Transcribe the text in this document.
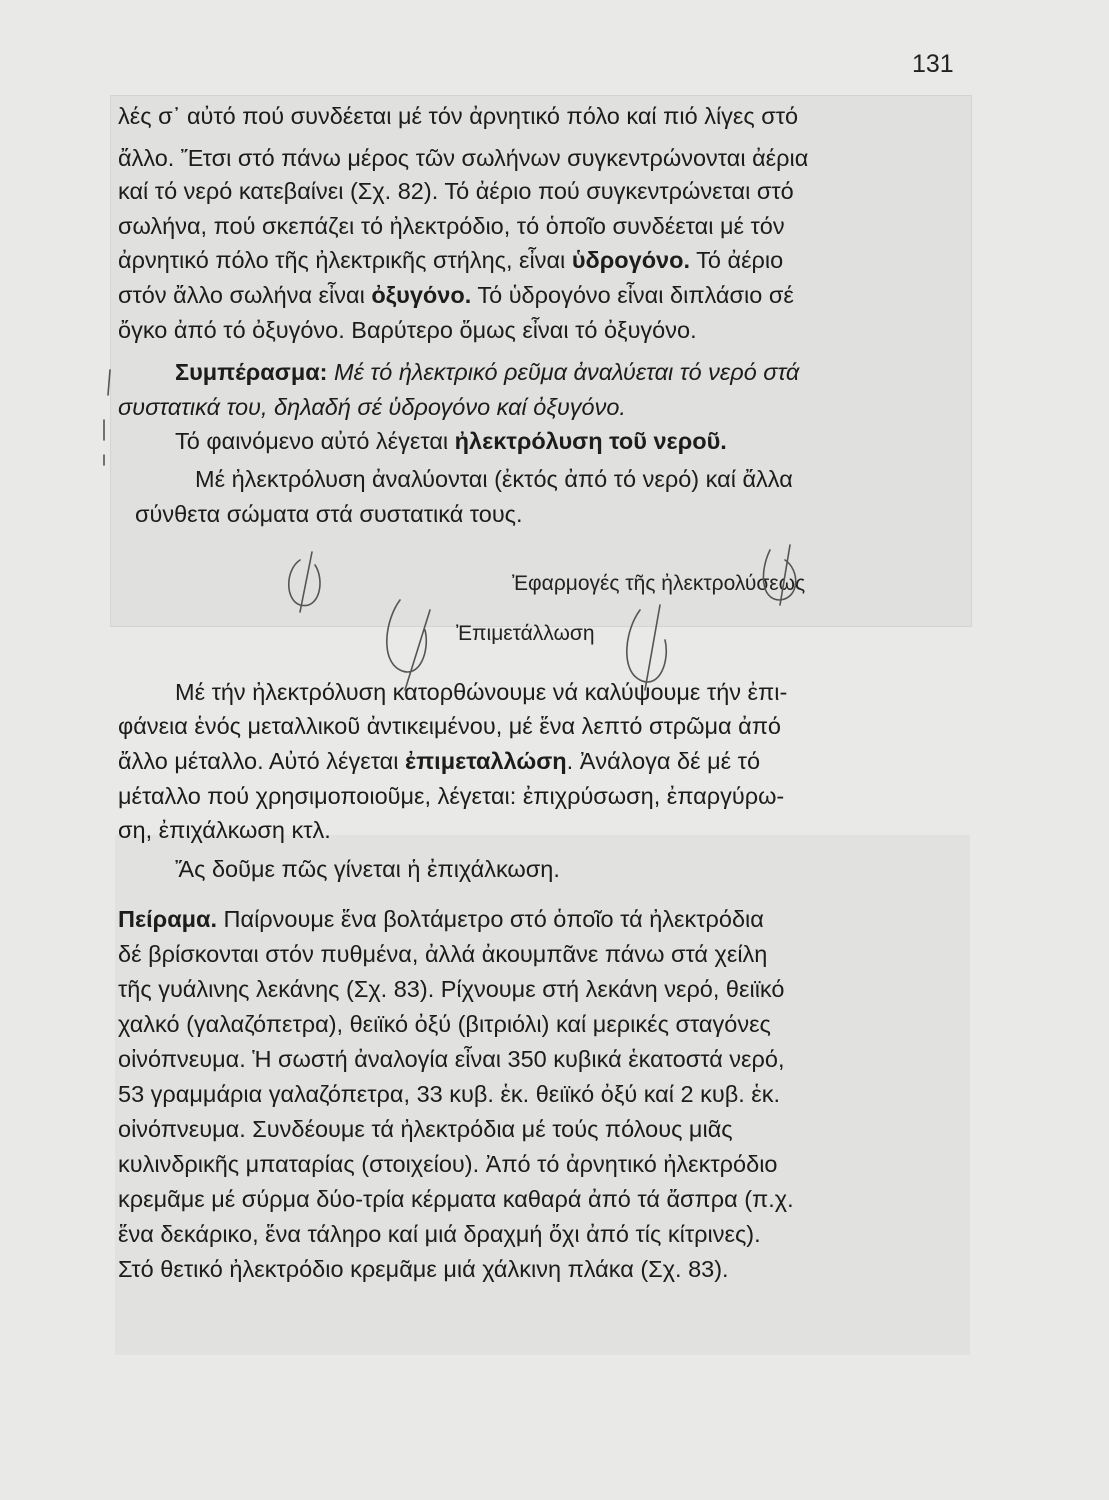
131

λές σ᾽ αὐτό πού συνδέεται μέ τόν ἀρνητικό πόλο καί πιό λίγες στό

ἄλλο. Ἔτσι στό πάνω μέρος τῶν σωλήνων συγκεντρώνονται ἀέρια

καί τό νερό κατεβαίνει (Σχ. 82). Τό ἀέριο πού συγκεντρώνεται στό

σωλήνα, πού σκεπάζει τό ἠλεκτρόδιο, τό ὁποῖο συνδέεται μέ τόν

ἀρνητικό πόλο τῆς ἠλεκτρικῆς στήλης, εἶναι ὑδρογόνο. Τό ἀέριο

στόν ἄλλο σωλήνα εἶναι ὀξυγόνο. Τό ὑδρογόνο εἶναι διπλάσιο σέ

ὄγκο ἀπό τό ὀξυγόνο. Βαρύτερο ὅμως εἶναι τό ὀξυγόνο.

Συμπέρασμα: Μέ τό ἠλεκτρικό ρεῦμα ἀναλύεται τό νερό στά

συστατικά του, δηλαδή σέ ὑδρογόνο καί ὀξυγόνο.

Τό φαινόμενο αὐτό λέγεται ἠλεκτρόλυση τοῦ νεροῦ.

Μέ ἠλεκτρόλυση ἀναλύονται (ἐκτός ἀπό τό νερό) καί ἄλλα

σύνθετα σώματα στά συστατικά τους.

Ἐφαρμογές τῆς ἠλεκτρολύσεως
Ἐπιμετάλλωση

Μέ τήν ἠλεκτρόλυση κατορθώνουμε νά καλύψουμε τήν ἐπι-

φάνεια ἑνός μεταλλικοῦ ἀντικειμένου, μέ ἕνα λεπτό στρῶμα ἀπό

ἄλλο μέταλλο. Αὐτό λέγεται ἐπιμεταλλώση. Ἀνάλογα δέ μέ τό

μέταλλο πού χρησιμοποιοῦμε, λέγεται: ἐπιχρύσωση, ἐπαργύρω-

ση, ἐπιχάλκωση κτλ.

Ἄς δοῦμε πῶς γίνεται ἡ ἐπιχάλκωση.

Πείραμα. Παίρνουμε ἕνα βολτάμετρο στό ὁποῖο τά ἠλεκτρόδια

δέ βρίσκονται στόν πυθμένα, ἀλλά ἀκουμπᾶνε πάνω στά χείλη

τῆς γυάλινης λεκάνης (Σχ. 83). Ρίχνουμε στή λεκάνη νερό, θειϊκό

χαλκό (γαλαζόπετρα), θειϊκό ὀξύ (βιτριόλι) καί μερικές σταγόνες

οἰνόπνευμα. Ἡ σωστή ἀναλογία εἶναι 350 κυβικά ἑκατοστά νερό,

53 γραμμάρια γαλαζόπετρα, 33 κυβ. ἑκ. θειϊκό ὀξύ καί 2 κυβ. ἑκ.

οἰνόπνευμα. Συνδέουμε τά ἠλεκτρόδια μέ τούς πόλους μιᾶς

κυλινδρικῆς μπαταρίας (στοιχείου). Ἀπό τό ἀρνητικό ἠλεκτρόδιο

κρεμᾶμε μέ σύρμα δύο-τρία κέρματα καθαρά ἀπό τά ἄσπρα (π.χ.

ἕνα δεκάρικο, ἕνα τάληρο καί μιά δραχμή ὄχι ἀπό τίς κίτρινες).

Στό θετικό ἠλεκτρόδιο κρεμᾶμε μιά χάλκινη πλάκα (Σχ. 83).
